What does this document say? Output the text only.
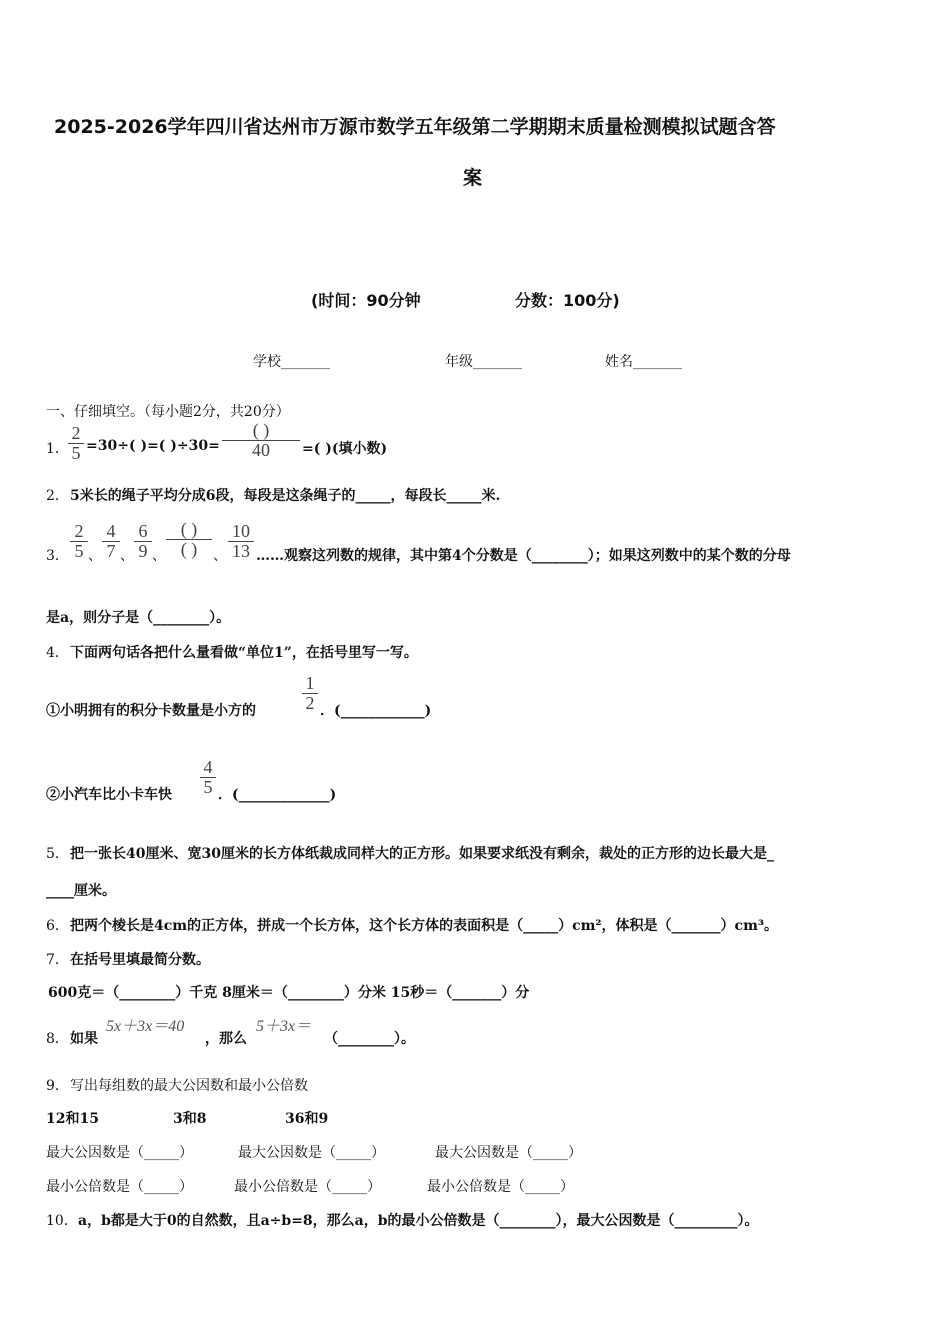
2025-2026学年四川省达州市万源市数学五年级第二学期期末质量检测模拟试题含答
案
(时间：90分钟	分数：100分)
学校_______	年级_______	姓名_______
一、仔细填空。（每小题2分，共20分）
1． $\frac{2}{5} =30\div$( )=( )÷30=
( )
40	=( )(填小数)
2． 5米长的绳子平均分成6段，每段是这条绳子的_____，每段长_____米.
3． $\frac{2}{5}$ 、 $\frac{4}{7}$ 、 $\frac{6}{9}$ 、
( )
( )	、 $\frac{10}{13}$ ……观察这列数的规律，其中第4个分数是（________）；如果这列数中的某个数的分母
是a，则分子是（________）。
4． 下面两句话各把什么量看做“单位1”，在括号里写一写。
①小明拥有的积分卡数量是小方的	$\frac{1}{2}$ ．(____________)
②小汽车比小卡车快 $\frac{4}{5}$ ．(_____________)
5． 把一张长40厘米、宽30厘米的长方体纸裁成同样大的正方形。如果要求纸没有剩余，裁处的正方形的边长最大是_
____厘米。
6． 把两个棱长是4cm的正方体，拼成一个长方体，这个长方体的表面积是（_____）cm²，体积是（_______）cm³。
7． 在括号里填最简分数。
600克＝（________）千克 8厘米＝（________）分米 15秒＝（_______）分
8． 如果
5x＋3x＝40
，那么
5＋3x＝
（________）。
9． 写出每组数的最大公因数和最小公倍数
12和15	3和8	36和9
最大公因数是（_____）	最大公因数是（_____）	最大公因数是（_____）
最小公倍数是（_____）	最小公倍数是（_____）	最小公倍数是（_____）
10． a，b都是大于0的自然数，且a÷b=8，那么a，b的最小公倍数是（________），最大公因数是（_________）。
